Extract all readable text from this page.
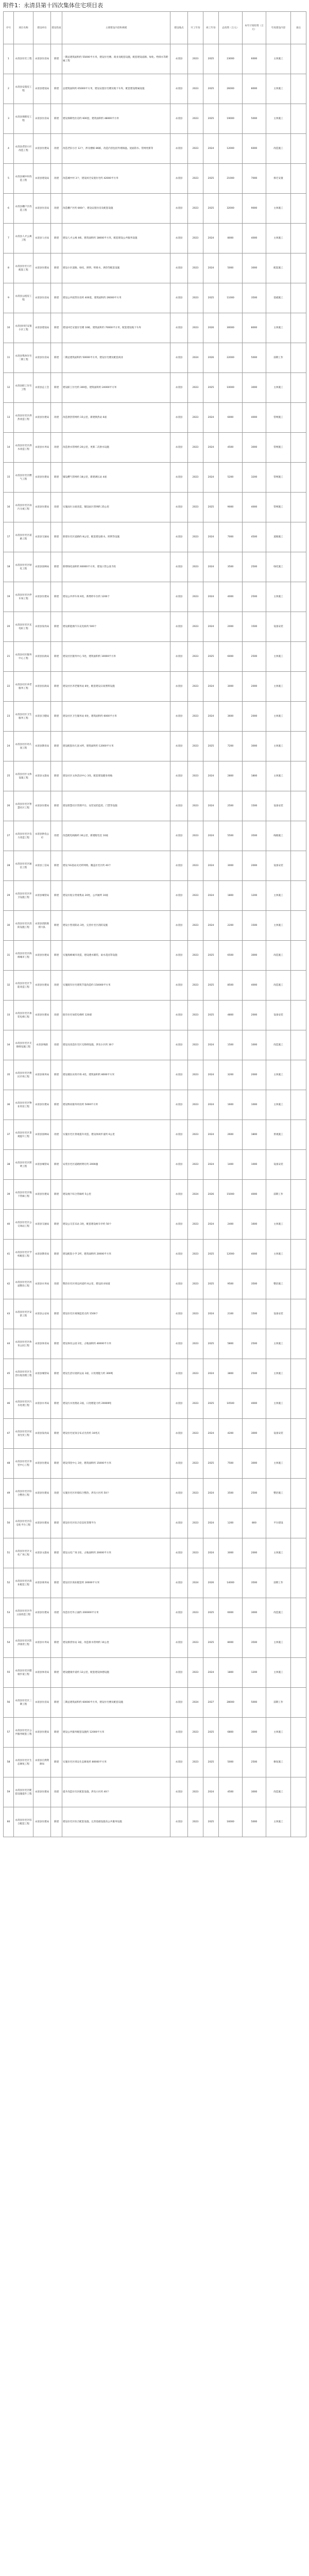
附件1：永清县第十四次集体住宅项目表
序号	项目名称	建设单位	建设性质	主要建设内容和规模	建设地点	开工年份	竣工年份	总投资（万元）	本年计划投资（万元）	年度建设内容	备注
1	永清县住宅工程	永清县住房局	新建	一期总建筑面积约 55000平方米，建设住宅楼、商业及配套设施，配套建设道路、绿化、给排水等附属工程	永清县	2023	2025	23000	6000	主体施工	
2	永清县安置房工程	永清县建设局	新建	总建筑面积约 65000平方米，建设安置住宅楼及地下车库，配套建设附属设施	永清县	2023	2025	26000	8000	主体施工	
3	永清县保障房工程	永清县住房局	新建	建设保障性住房约 600套，建筑面积约 48000平方米	永清县	2023	2025	19000	5000	主体施工	
4	永清县老旧小区改造工程	永清县住建局	改建	改造老旧小区 12个，涉及楼栋 86栋，改造内容包括外墙保温、屋面防水、管网更新等	永清县	2023	2024	12000	6000	改造施工	
5	永清县城中村改造工程	永清县建设局	改建	改造城中村 3个，建设回迁安置住宅约 42000平方米	永清县	2023	2025	21000	7000	拆迁安置	
6	永清县棚户区改造工程	永清县住房局	改建	改造棚户区约 800户，建设安置住房及配套设施	永清县	2023	2025	32000	9000	主体施工	
7	永清县人才公寓工程	永清县人社局	新建	建设人才公寓 4栋，建筑面积约 18000平方米，配套建设公共服务设施	永清县	2023	2024	8000	4000	主体施工	
8	永清县住宅小区配套工程	永清县住建局	新建	建设小区道路、绿化、照明、给排水、供热等配套设施	永清县	2023	2024	5000	3000	配套施工	
9	永清县公租房工程	永清县住房局	新建	建设公共租赁住房约 400套，建筑面积约 26000平方米	永清县	2023	2025	11000	3500	基础施工	
10	永清县回迁安置小区工程	永清县建设局	新建	建设回迁安置住宅楼 10栋，建筑面积约 70000平方米，配套建设地下车库	永清县	2023	2026	30000	8000	主体施工	
11	永清县集体住宅二期工程	永清县住房局	新建	二期总建筑面积约 50000平方米，建设住宅楼及配套商业	永清县	2024	2026	22000	5000	前期工作	
12	永清县职工住宅工程	永清县总工会	新建	建设职工住宅约 300套，建筑面积约 24000平方米	永清县	2023	2025	10000	3000	主体施工	
13	永清县住宅区供热改造工程	永清县住建局	改建	改造供热管网约 15公里，新建换热站 6座	永清县	2023	2024	6000	4000	管网施工	
14	永清县住宅区供水改造工程	永清县水务局	改建	改造供水管网约 20公里，更新二次供水设施	永清县	2023	2024	4500	3000	管网施工	
15	永清县住宅区燃气工程	永清县住建局	新建	铺设燃气管网约 18公里，新建调压站 4座	永清县	2023	2024	5200	3200	管网施工	
16	永清县住宅区雨污分流工程	永清县住建局	改建	实施雨污分流改造，铺设雨污管网约 25公里	永清县	2023	2025	9000	4000	管网施工	
17	永清县住宅区道路工程	永清县交通局	新建	新建住宅区道路约 8公里，配套建设排水、照明等设施	永清县	2023	2024	7000	4500	道路施工	
18	永清县住宅区绿化工程	永清县园林局	新建	新增绿化面积约 60000平方米，建设口袋公园 5处	永清县	2023	2024	3500	2500	绿化施工	
19	永清县住宅区停车场工程	永清县住建局	新建	建设公共停车场 6处，新增停车位约 1200个	永清县	2023	2024	4000	2500	主体施工	
20	永清县住宅区充电桩工程	永清县发改局	新建	建设新能源汽车充电桩约 500个	永清县	2023	2024	2000	1500	设备安装	
21	永清县社区服务中心工程	永清县民政局	新建	建设社区服务中心 5处，建筑面积约 10000平方米	永清县	2023	2025	6000	2500	主体施工	
22	永清县社区养老服务工程	永清县民政局	新建	建设社区养老服务站 8处，配套建设日间照料设施	永清县	2023	2024	3000	2000	主体施工	
23	永清县社区卫生服务工程	永清县卫健局	新建	建设社区卫生服务站 6处，建筑面积约 6000平方米	永清县	2023	2024	3600	2000	主体施工	
24	永清县社区幼儿园工程	永清县教育局	新建	建设配套幼儿园 4所，建筑面积约 12000平方米	永清县	2023	2025	7200	3000	主体施工	
25	永清县社区文体设施工程	永清县文旅局	新建	建设社区文体活动中心 3处，配套建设健身场地	永清县	2023	2024	2800	1800	主体施工	
26	永清县住宅区智慧社区工程	永清县住建局	新建	建设智慧社区管理平台，安装安防监控、门禁等设施	永清县	2023	2024	2500	1500	设备安装	
27	永清县住宅区电力改造工程	永清县供电公司	改建	改造配电线路约 30公里，新建配电室 10座	永清县	2023	2024	5500	3500	线路施工	
28	永清县住宅区通信工程	永清县工信局	新建	建设 5G基站及光纤网络，覆盖住宅区约 40个	永清县	2023	2024	3000	2000	设备安装	
29	永清县住宅区环卫设施工程	永清县城管局	新建	建设垃圾分类收集站 20处，公共厕所 10座	永清县	2023	2024	1800	1200	主体施工	
30	永清县住宅区消防设施工程	永清县消防救援大队	新建	建设小型消防站 3处，完善住宅区消防设施	永清县	2023	2024	2200	1500	主体施工	
31	永清县住宅区海绵城市工程	永清县住建局	新建	实施海绵城市改造，建设透水铺装、雨水花园等设施	永清县	2023	2025	6500	3000	改造施工	
32	永清县住宅区节能改造工程	永清县住建局	改建	实施既有住宅建筑节能改造约 150000平方米	永清县	2023	2025	8500	4000	改造施工	
33	永清县住宅区加装电梯工程	永清县住建局	改建	既有住宅加装电梯约 120部	永清县	2023	2025	4800	2000	设备安装	
34	永清县住宅区无障碍设施工程	永清县残联	改建	建设及改造住宅区无障碍设施，涉及小区约 30个	永清县	2023	2024	1500	1000	改造施工	
35	永清县住宅区便民市场工程	永清县商务局	新建	建设便民农贸市场 4处，建筑面积约 8000平方米	永清县	2023	2024	3200	2000	主体施工	
36	永清县住宅区物业用房工程	永清县住建局	新建	建设物业服务用房约 5000平方米	永清县	2023	2024	1600	1000	主体施工	
37	永清县住宅区景观提升工程	永清县园林局	改建	实施住宅区景观提升改造，建设休闲步道约 6公里	永清县	2023	2024	2600	1800	景观施工	
38	永清县住宅区照明工程	永清县城管局	新建	安装住宅区道路照明灯约 2000盏	永清县	2023	2024	1400	1000	设备安装	
39	永清县住宅区地下管廊工程	永清县住建局	新建	建设地下综合管廊约 5公里	永清县	2024	2026	15000	4000	前期工作	
40	永清县住宅区公交场站工程	永清县交通局	新建	建设公交首末站 3处，配套建设候车亭约 50个	永清县	2023	2024	2400	1600	主体施工	
41	永清县住宅区学校配套工程	永清县教育局	新建	建设配套小学 2所，建筑面积约 20000平方米	永清县	2023	2025	12000	4000	主体施工	
42	永清县住宅区河道整治工程	永清县水务局	改建	整治住宅区周边河道约 6公里，建设滨水绿道	永清县	2023	2025	9500	3500	整治施工	
43	永清县住宅区安防工程	永清县公安局	新建	建设住宅区视频监控点约 1500个	永清县	2023	2024	2100	1500	设备安装	
44	永清县住宅区体育公园工程	永清县体育局	新建	建设体育公园 2处，占地面积约 40000平方米	永清县	2023	2025	5800	2500	主体施工	
45	永清县住宅区生活垃圾处理工程	永清县城管局	新建	建设生活垃圾转运站 3座，日处理能力约 300吨	永清县	2023	2024	3800	2500	主体施工	
46	永清县住宅区污水处理工程	永清县水务局	新建	建设污水处理站 2座，日处理能力约 20000吨	永清县	2023	2025	10500	4000	主体施工	
47	永清县住宅区屋顶光伏工程	永清县发改局	新建	建设住宅屋顶分布式光伏约 10兆瓦	永清县	2023	2024	4200	3000	设备安装	
48	永清县住宅区邻里中心工程	永清县住建局	新建	建设邻里中心 3处，建筑面积约 15000平方米	永清县	2023	2025	7500	3000	主体施工	
49	永清县住宅区综合整治工程	永清县住建局	改建	实施住宅区环境综合整治，涉及小区约 50个	永清县	2023	2024	3500	2500	整治施工	
50	永清县住宅区信息化平台工程	永清县住建局	新建	建设住宅区综合信息化管理平台	永清县	2023	2024	1200	800	平台建设	
51	永清县住宅区文化广场工程	永清县文旅局	新建	建设文化广场 2处，占地面积约 20000平方米	永清县	2023	2024	3000	2000	主体施工	
52	永清县住宅区商业配套工程	永清县商务局	新建	建设社区商业配套约 30000平方米	永清县	2024	2026	14000	3500	前期工作	
53	永清县住宅区外立面改造工程	永清县住建局	改建	改造住宅外立面约 200000平方米	永清县	2023	2025	6000	3000	改造施工	
54	永清县住宅区防洪排涝工程	永清县水务局	新建	建设排涝泵站 3座，改造排水管网约 10公里	永清县	2023	2025	8000	3500	主体施工	
55	永清县住宅区健康步道工程	永清县体育局	新建	建设健康步道约 12公里，配套建设休憩设施	永清县	2023	2024	1800	1200	主体施工	
56	永清县住宅区三期工程	永清县住房局	新建	三期总建筑面积约 60000平方米，建设住宅楼及配套设施	永清县	2024	2027	28000	5000	前期工作	
57	永清县住宅区公共服务配套工程	永清县住建局	新建	建设公共服务配套设施约 12000平方米	永清县	2023	2025	6800	3000	主体施工	
58	永清县住宅区生态修复工程	永清县自然资源局	新建	实施住宅区周边生态修复约 80000平方米	永清县	2023	2025	5000	2500	修复施工	
59	永清县住宅区配套设施提升工程	永清县住建局	改建	提升改造住宅区配套设施，涉及小区约 40个	永清县	2023	2024	4500	3000	改造施工	
60	永清县住宅区综合配套工程	永清县住建局	新建	建设住宅区综合配套设施，完善基础设施及公共服务设施	永清县	2023	2025	16000	5000	主体施工	
